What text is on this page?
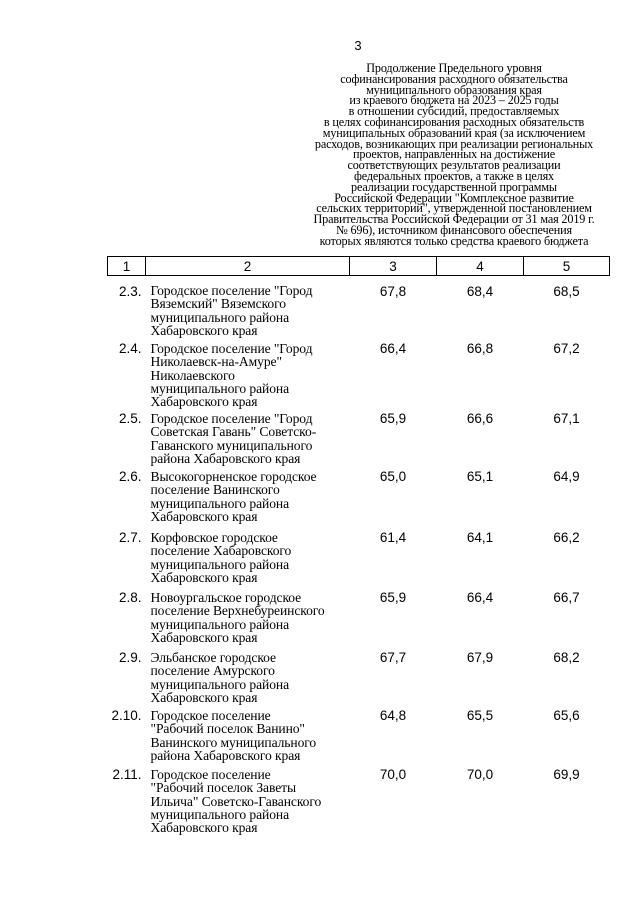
3
Продолжение Предельного уровня
софинансирования расходного обязательства
муниципального образования края
из краевого бюджета на 2023 – 2025 годы
в отношении субсидий, предоставляемых
в целях софинансирования расходных обязательств
муниципальных образований края (за исключением
расходов, возникающих при реализации региональных
проектов, направленных на достижение
соответствующих результатов реализации
федеральных проектов, а также в целях
реализации государственной программы
Российской Федерации "Комплексное развитие
сельских территорий", утвержденной постановлением
Правительства Российской Федерации от 31 мая 2019 г.
№ 696), источником финансового обеспечения
которых являются только средства краевого бюджета
1	2	3	4	5
2.3.	Городское поселение "Город
Вяземский" Вяземского
муниципального района
Хабаровского края	67,8	68,4	68,5
2.4.	Городское поселение "Город
Николаевск-на-Амуре"
Николаевского
муниципального района
Хабаровского края	66,4	66,8	67,2
2.5.	Городское поселение "Город
Советская Гавань" Советско-
Гаванского муниципального
района Хабаровского края	65,9	66,6	67,1
2.6.	Высокогорненское городское
поселение Ванинского
муниципального района
Хабаровского края	65,0	65,1	64,9
2.7.	Корфовское городское
поселение Хабаровского
муниципального района
Хабаровского края	61,4	64,1	66,2
2.8.	Новоургальское городское
поселение Верхнебуреинского
муниципального района
Хабаровского края	65,9	66,4	66,7
2.9.	Эльбанское городское
поселение Амурского
муниципального района
Хабаровского края	67,7	67,9	68,2
2.10.	Городское поселение
"Рабочий поселок Ванино"
Ванинского муниципального
района Хабаровского края	64,8	65,5	65,6
2.11.	Городское поселение
"Рабочий поселок Заветы
Ильича" Советско-Гаванского
муниципального района
Хабаровского края	70,0	70,0	69,9
